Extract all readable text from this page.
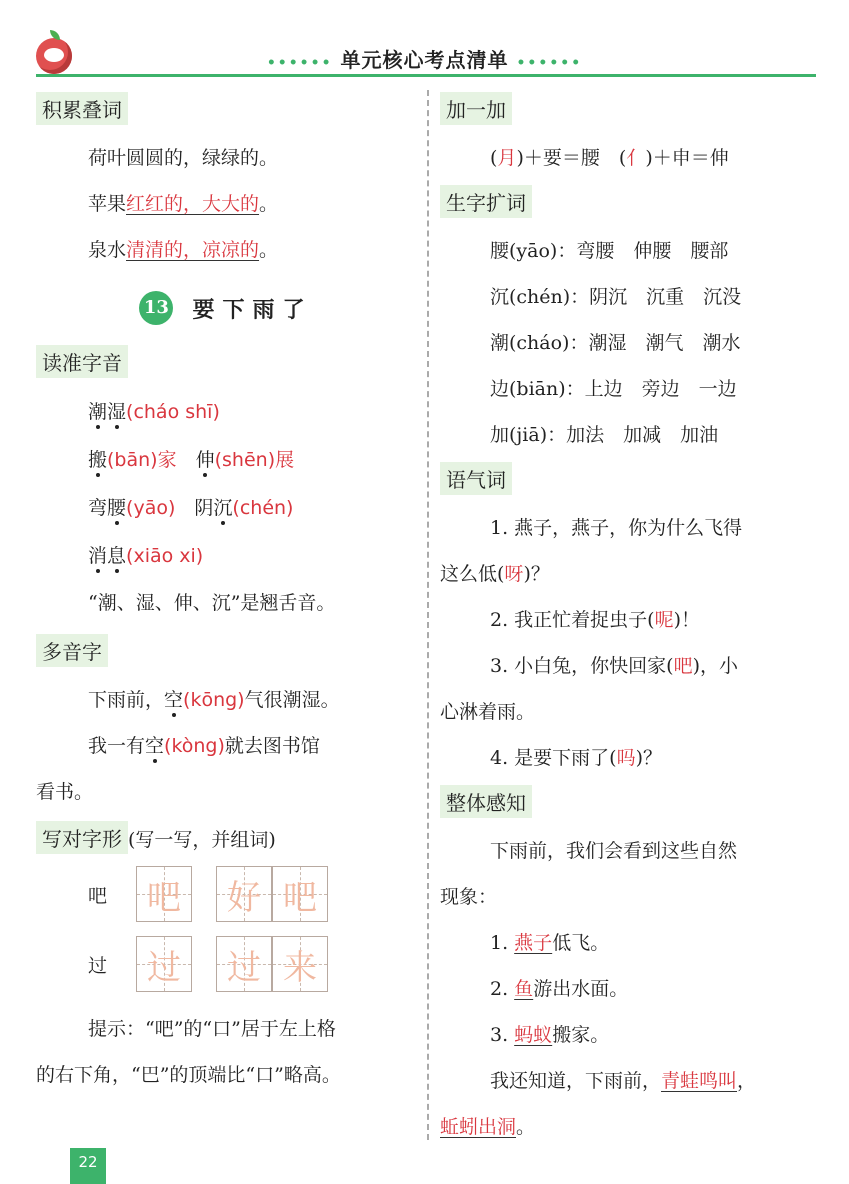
•••••• 单元核心考点清单 ••••••
积累叠词

荷叶圆圆的，绿绿的。

苹果红红的，大大的。

泉水清清的，凉凉的。

13 要下雨了
读准字音

潮湿(cháo shī)

搬(bān)家　 伸(shēn)展

弯腰(yāo)　 阴沉(chén)

消息(xiāo xi)

“潮、湿、伸、沉”是翘舌音。

多音字

下雨前，空(kōng)气很潮湿。

我一有空(kòng)就去图书馆

看书。

写对字形 (写一写，并组词)
吧	吧 好 吧
过	过 过 来

提示：“吧”的“口”居于左上格

的右下角，“巴”的顶端比“口”略高。

加一加

(月)＋要＝腰　 (亻)＋申＝伸

生字扩词

腰(yāo)：弯腰　伸腰　腰部

沉(chén)：阴沉　沉重　沉没

潮(cháo)：潮湿　潮气　潮水

边(biān)：上边　旁边　一边

加(jiā)：加法　加减　加油

语气词

1. 燕子，燕子，你为什么飞得

这么低(呀)？

2. 我正忙着捉虫子(呢)！

3. 小白兔，你快回家(吧)，小

心淋着雨。

4. 是要下雨了(吗)？

整体感知

下雨前，我们会看到这些自然

现象：

1. 燕子低飞。

2. 鱼游出水面。

3. 蚂蚁搬家。

我还知道，下雨前，青蛙鸣叫，

蚯蚓出洞。

22
